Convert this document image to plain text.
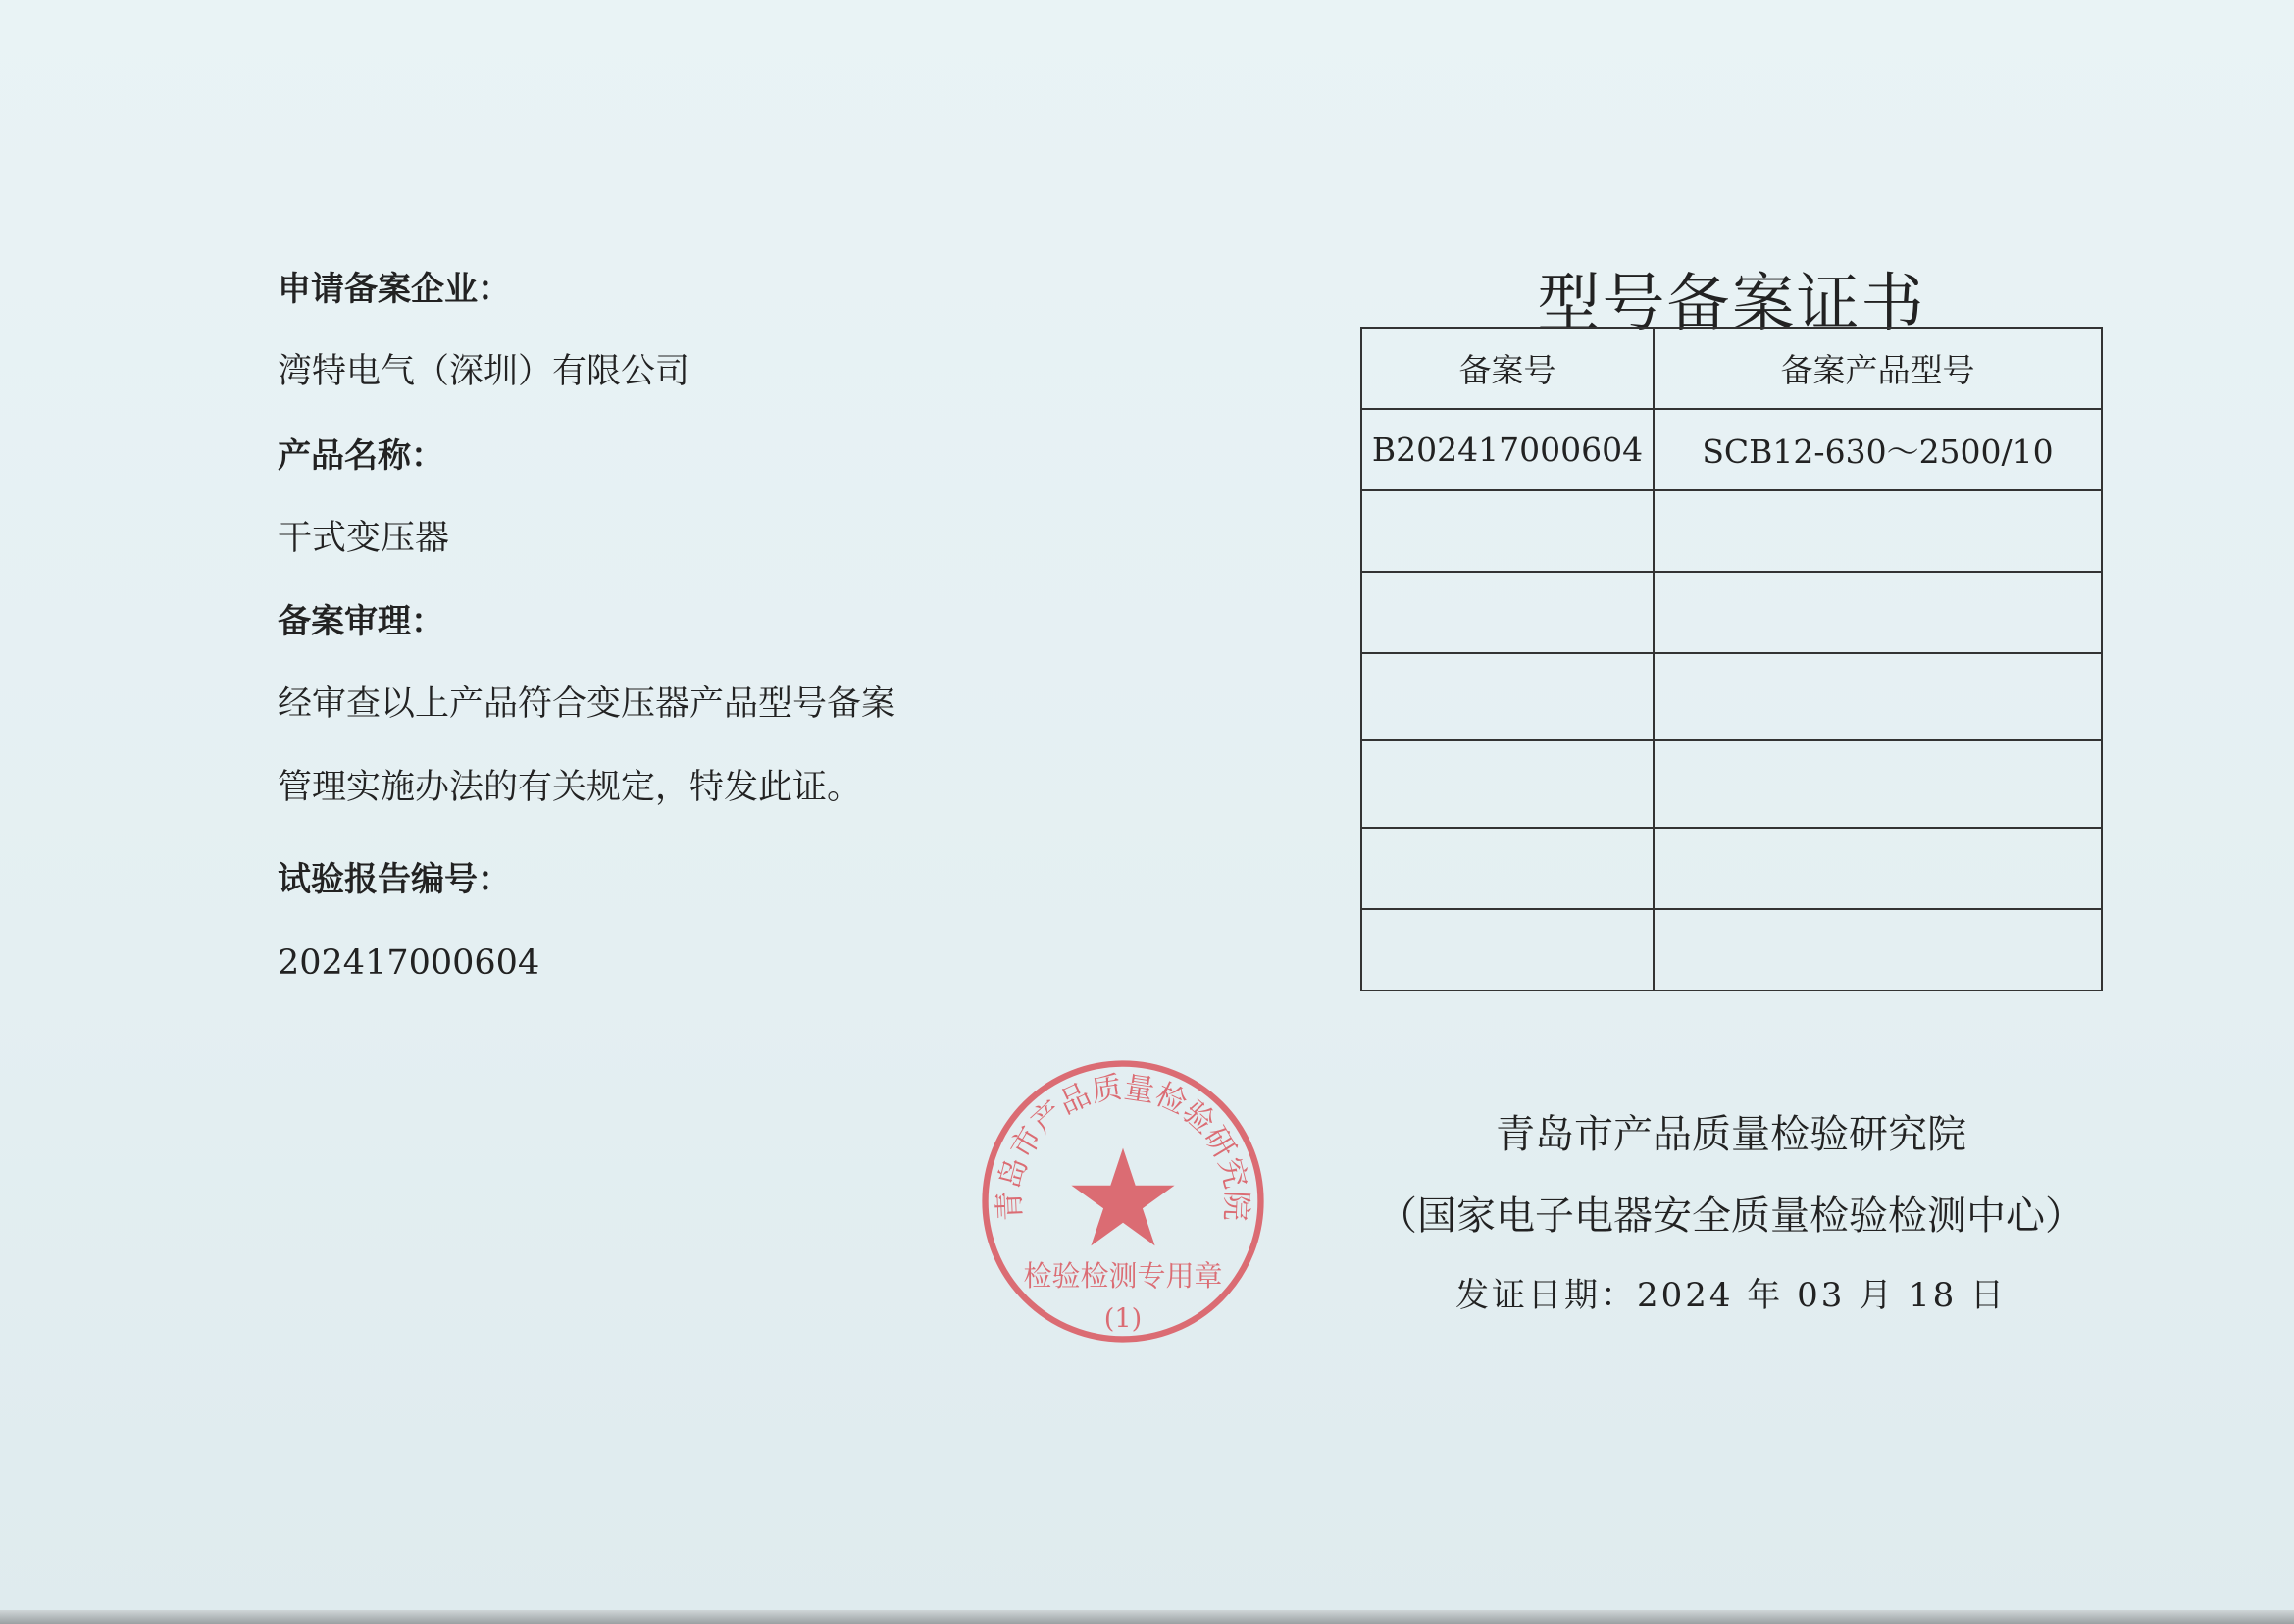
申请备案企业：
湾特电气（深圳）有限公司
产品名称：
干式变压器
备案审理：
经审查以上产品符合变压器产品型号备案
管理实施办法的有关规定，特发此证。
试验报告编号：
202417000604
型号备案证书
备案号	备案产品型号
B202417000604	SCB12-630～2500/10

青岛市产品质量检验研究院
检验检测专用章
(1)
青岛市产品质量检验研究院
（国家电子电器安全质量检验检测中心）
发证日期：2024 年 03 月 18 日
